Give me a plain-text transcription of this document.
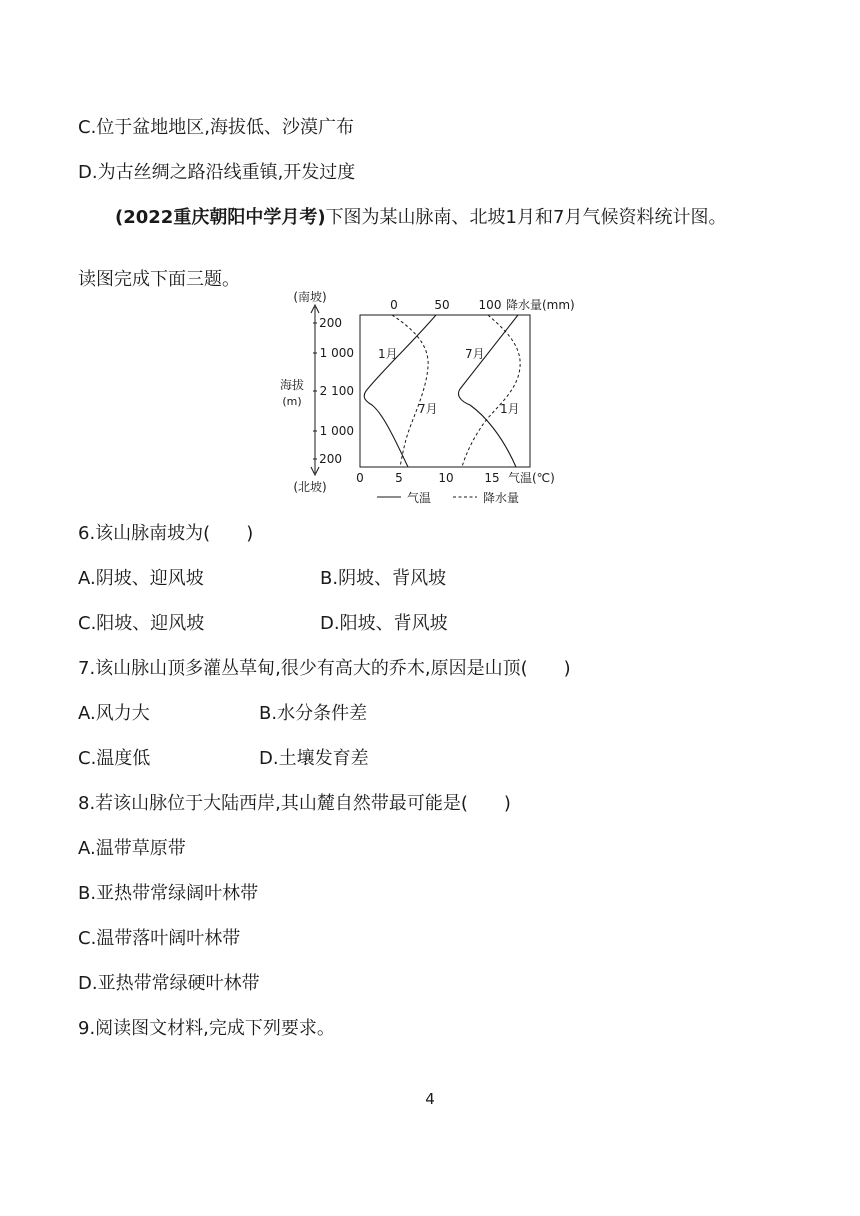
C.位于盆地地区,海拔低、沙漠广布

D.为古丝绸之路沿线重镇,开发过度

(2022重庆朝阳中学月考)下图为某山脉南、北坡1月和7月气候资料统计图。

读图完成下面三题。

(南坡)
(北坡)
海拔
(m)
200
1 000
2 100
1 000
200
0	50 100 降水量(mm)
0	5	10	15 气温(℃)
1月	7月
7月	1月
气温	降水量

6.该山脉南坡为(　　)

A.阴坡、迎风坡	B.阴坡、背风坡

C.阳坡、迎风坡	D.阳坡、背风坡

7.该山脉山顶多灌丛草甸,很少有高大的乔木,原因是山顶(　　)

A.风力大	B.水分条件差

C.温度低	D.土壤发育差

8.若该山脉位于大陆西岸,其山麓自然带最可能是(　　)

A.温带草原带

B.亚热带常绿阔叶林带

C.温带落叶阔叶林带

D.亚热带常绿硬叶林带

9.阅读图文材料,完成下列要求。

4
